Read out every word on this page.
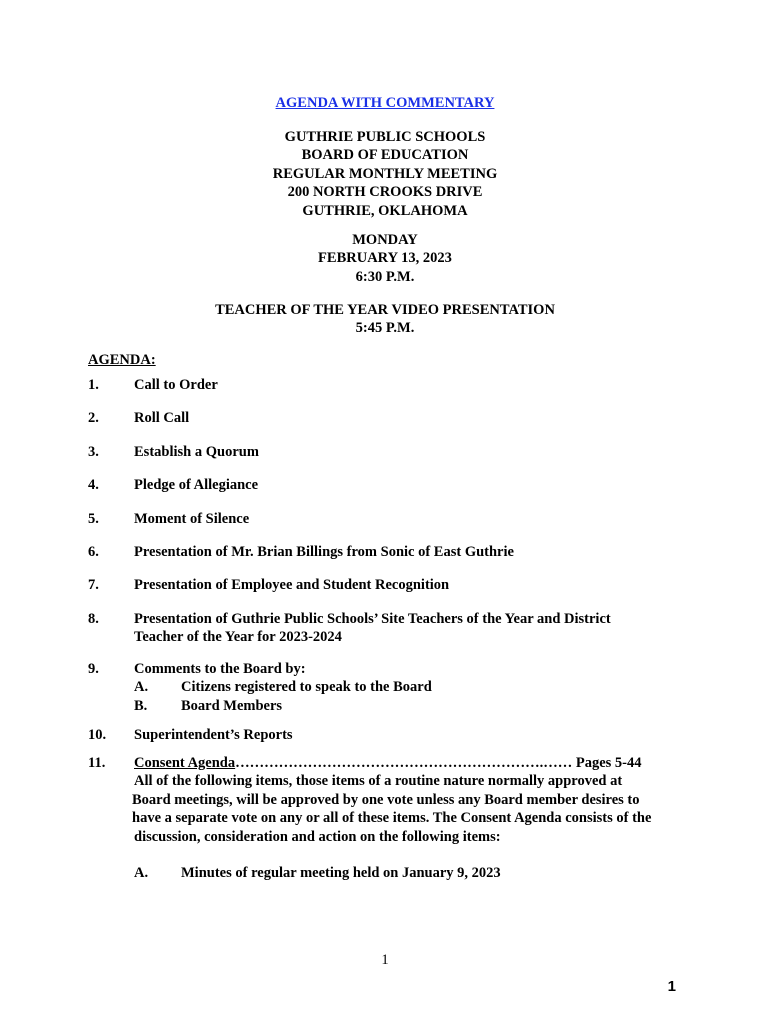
AGENDA WITH COMMENTARY
GUTHRIE PUBLIC SCHOOLS
BOARD OF EDUCATION
REGULAR MONTHLY MEETING
200 NORTH CROOKS DRIVE
GUTHRIE, OKLAHOMA
MONDAY
FEBRUARY 13, 2023
6:30 P.M.
TEACHER OF THE YEAR VIDEO PRESENTATION
5:45 P.M.
AGENDA:
1.	Call to Order
2.	Roll Call
3.	Establish a Quorum
4.	Pledge of Allegiance
5.	Moment of Silence
6.	Presentation of Mr. Brian Billings from Sonic of East Guthrie
7.	Presentation of Employee and Student Recognition
8.	Presentation of Guthrie Public Schools’ Site Teachers of the Year and District
Teacher of the Year for 2023-2024
9.	Comments to the Board by:
A. Citizens registered to speak to the Board
B. Board Members
10.	Superintendent’s Reports
11.	Consent Agenda……………………………………………………….…… Pages 5-44
All of the following items, those items of a routine nature normally approved at
Board meetings, will be approved by one vote unless any Board member desires to
have a separate vote on any or all of these items. The Consent Agenda consists of the
discussion, consideration and action on the following items:
A. Minutes of regular meeting held on January 9, 2023
1
1
